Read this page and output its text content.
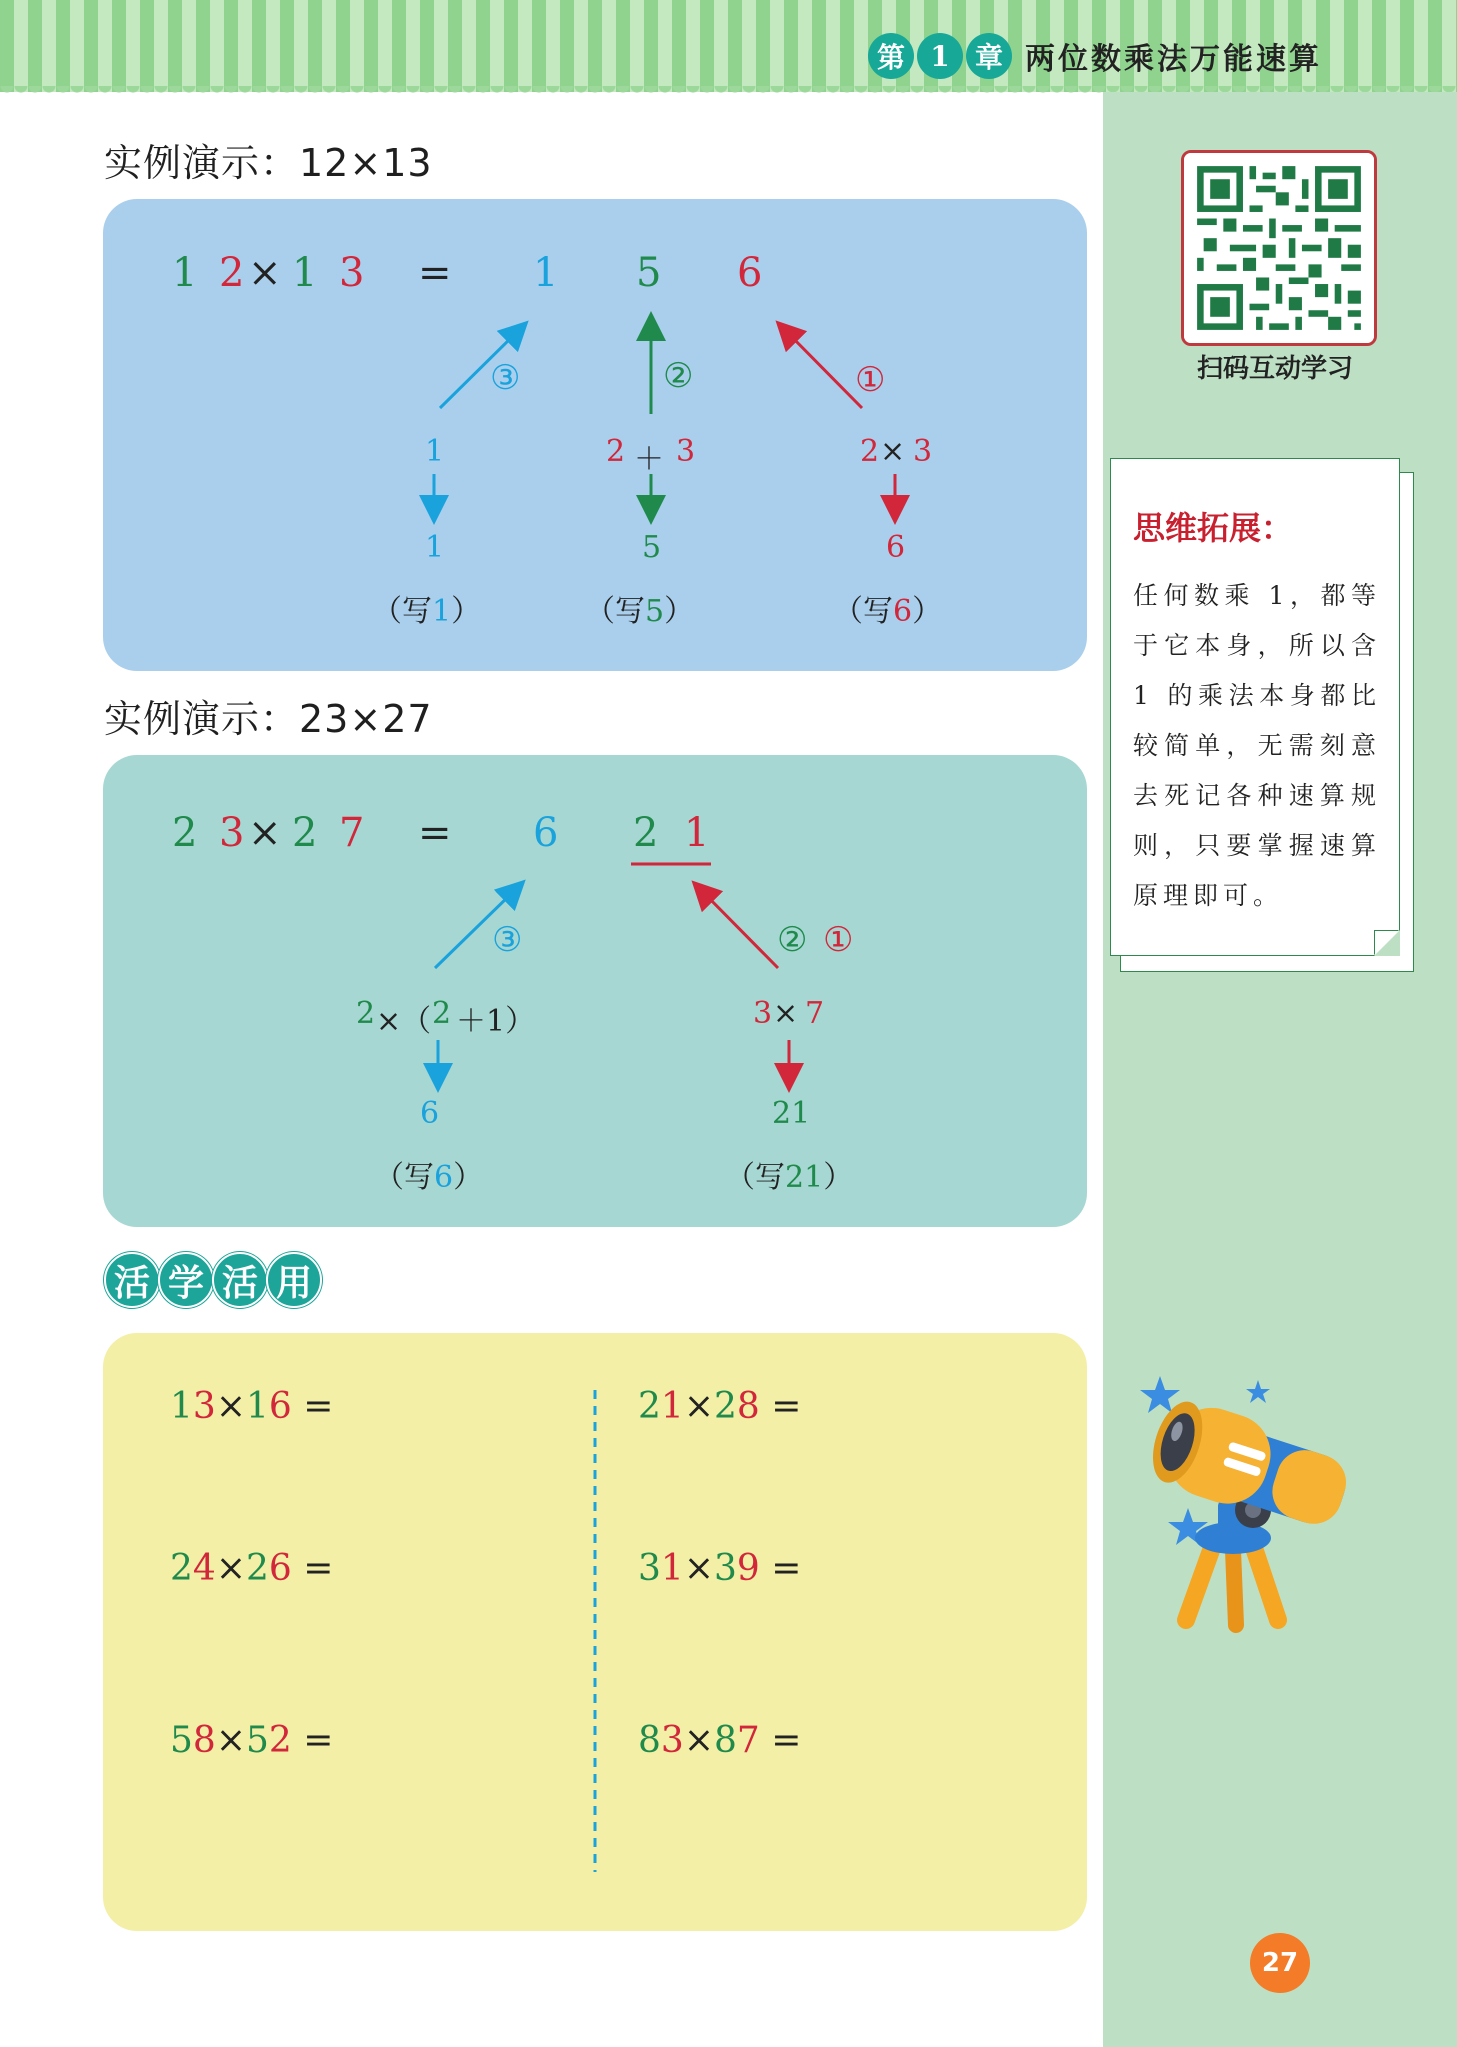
第 1 章 两位数乘法万能速算
扫码互动学习
思维拓展：
任何数乘 1，都等于它本身，所以含 1 的乘法本身都比较简单，无需刻意去死记各种速算规则，只要掌握速算原理即可。
27
实例演示：12×13
1 2 × 1 3 = 1 5 6
③	②	①
1	2 ＋ 3	2 × 3
1	5	6
（写1）	（写5）	（写6）
实例演示：23×27
2 3 × 2 7 = 6 2 1
③	② ①
2 ×（ 2 ＋1）	3 × 7
6	21
（写6）	（写21）
活 学 活 用
13×16 =	21×28 =
24×26 =	31×39 =
58×52 =	83×87 =
